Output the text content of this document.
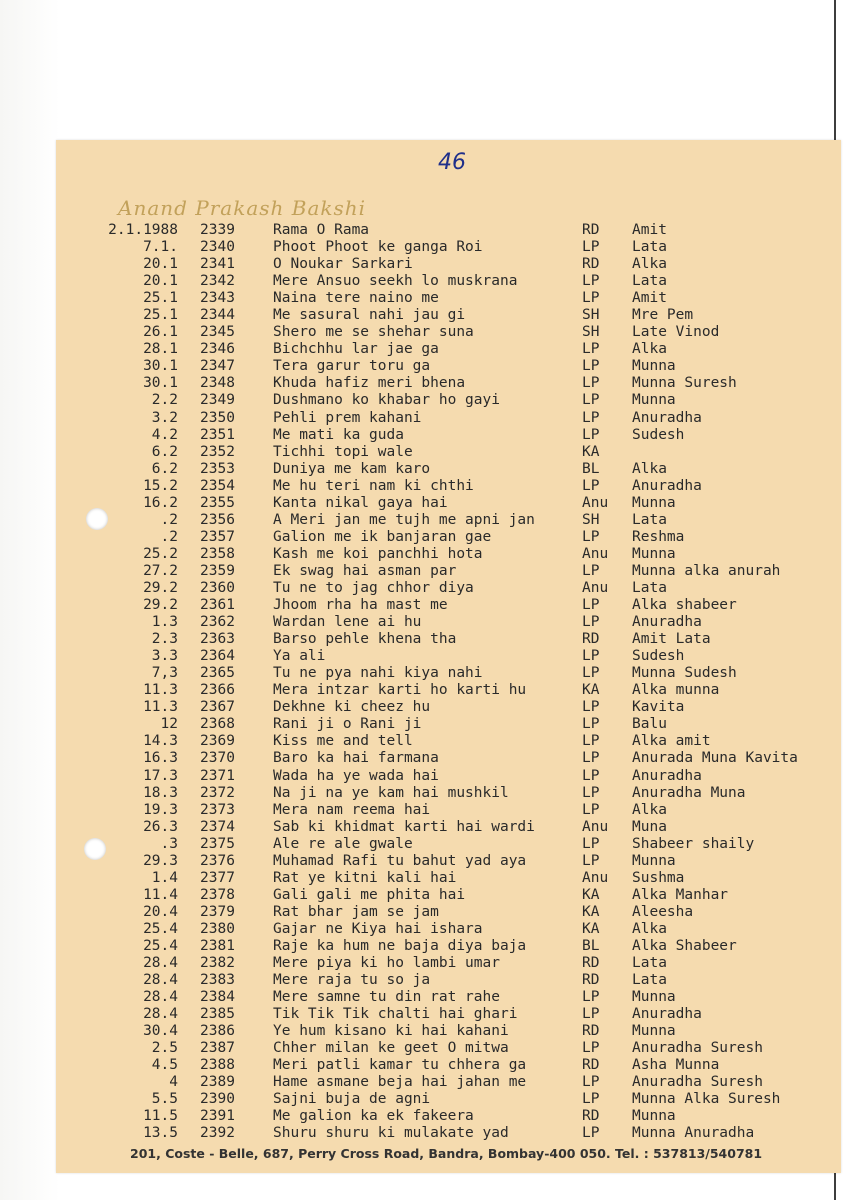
46
Anand Prakash Bakshi
2.1.1988 2339	Rama O Rama	RD Amit
7.1. 2340	Phoot Phoot ke ganga Roi	LP Lata
20.1 2341	O Noukar Sarkari	RD Alka
20.1 2342	Mere Ansuo seekh lo muskrana	LP Lata
25.1 2343	Naina tere naino me	LP Amit
25.1 2344	Me sasural nahi jau gi	SH Mre Pem
26.1 2345	Shero me se shehar suna	SH Late Vinod
28.1 2346	Bichchhu lar jae ga	LP Alka
30.1 2347	Tera garur toru ga	LP Munna
30.1 2348	Khuda hafiz meri bhena	LP Munna Suresh
2.2 2349	Dushmano ko khabar ho gayi	LP Munna
3.2 2350	Pehli prem kahani	LP Anuradha
4.2 2351	Me mati ka guda	LP Sudesh
6.2 2352	Tichhi topi wale	KA
6.2 2353	Duniya me kam karo	BL Alka
15.2 2354	Me hu teri nam ki chthi	LP Anuradha
16.2 2355	Kanta nikal gaya hai	Anu Munna
.2 2356	A Meri jan me tujh me apni jan	SH Lata
.2 2357	Galion me ik banjaran gae	LP Reshma
25.2 2358	Kash me koi panchhi hota	Anu Munna
27.2 2359	Ek swag hai asman par	LP Munna alka anurah
29.2 2360	Tu ne to jag chhor diya	Anu Lata
29.2 2361	Jhoom rha ha mast me	LP Alka shabeer
1.3 2362	Wardan lene ai hu	LP Anuradha
2.3 2363	Barso pehle khena tha	RD Amit Lata
3.3 2364	Ya ali	LP Sudesh
7,3 2365	Tu ne pya nahi kiya nahi	LP Munna Sudesh
11.3 2366	Mera intzar karti ho karti hu	KA Alka munna
11.3 2367	Dekhne ki cheez hu	LP Kavita
12 2368	Rani ji o Rani ji	LP Balu
14.3 2369	Kiss me and tell	LP Alka amit
16.3 2370	Baro ka hai farmana	LP Anurada Muna Kavita
17.3 2371	Wada ha ye wada hai	LP Anuradha
18.3 2372	Na ji na ye kam hai mushkil	LP Anuradha Muna
19.3 2373	Mera nam reema hai	LP Alka
26.3 2374	Sab ki khidmat karti hai wardi	Anu Muna
.3 2375	Ale re ale gwale	LP Shabeer shaily
29.3 2376	Muhamad Rafi tu bahut yad aya	LP Munna
1.4 2377	Rat ye kitni kali hai	Anu Sushma
11.4 2378	Gali gali me phita hai	KA Alka Manhar
20.4 2379	Rat bhar jam se jam	KA Aleesha
25.4 2380	Gajar ne Kiya hai ishara	KA Alka
25.4 2381	Raje ka hum ne baja diya baja	BL Alka Shabeer
28.4 2382	Mere piya ki ho lambi umar	RD Lata
28.4 2383	Mere raja tu so ja	RD Lata
28.4 2384	Mere samne tu din rat rahe	LP Munna
28.4 2385	Tik Tik Tik chalti hai ghari	LP Anuradha
30.4 2386	Ye hum kisano ki hai kahani	RD Munna
2.5 2387	Chher milan ke geet O mitwa	LP Anuradha Suresh
4.5 2388	Meri patli kamar tu chhera ga	RD Asha Munna
4 2389	Hame asmane beja hai jahan me	LP Anuradha Suresh
5.5 2390	Sajni buja de agni	LP Munna Alka Suresh
11.5 2391	Me galion ka ek fakeera	RD Munna
13.5 2392	Shuru shuru ki mulakate yad	LP Munna Anuradha
201, Coste - Belle, 687, Perry Cross Road, Bandra, Bombay-400 050. Tel. : 537813/540781
